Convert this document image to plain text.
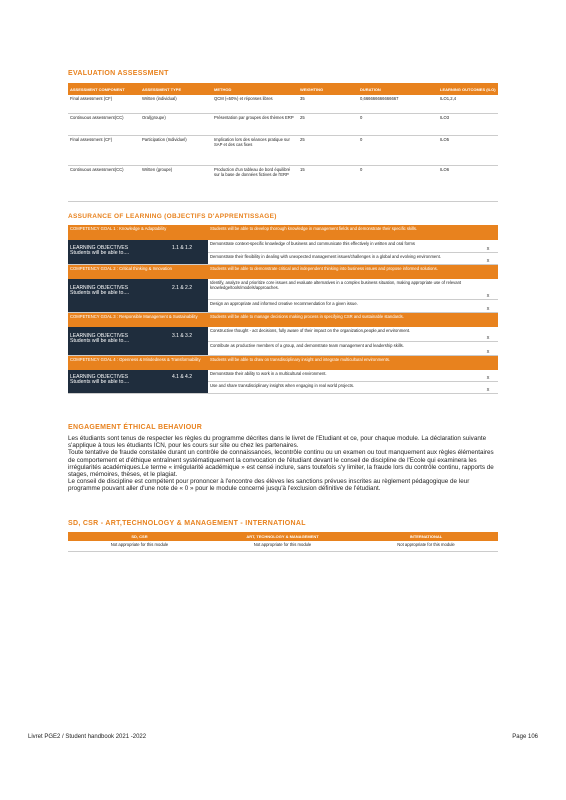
EVALUATION ASSESSMENT
ASSESSMENT COMPONENT	ASSESSMENT TYPE	METHOD	WEIGHTING	DURATION	LEARNING OUTCOMES (ILO)
Final assessment (CF)	Written (individual)	QCM (≈50%) et réponses libres	35	0,666666666666667	ILO1,2,4
Continuous assessment(CC)	Oral(groupe)	Présentation par groupes des thèmes ERP	25	0	ILO3
Final assessment (CF)	Participation (Individuel)	Implication lors des séances pratique sur SAP et des cas fixes	25	0	ILO5
Continuous assessment(CC)	Written (groupe)	Production d'un tableau de bord équilibré sur la base de données fictives de l'ERP	15	0	ILO6
ASSURANCE OF LEARNING (OBJECTIFS D'APPRENTISSAGE)
COMPETENCY GOAL 1 : Knowledge & Adaptability	Students will be able to develop thorough knowledge in management fields and demonstrate their specific skills.	

LEARNING OBJECTIVES 1.1 & 1.2
Students will be able to....	Demonstrate context-specific knowledge of business and communicate this effectively in written and oral forms	X
	Demonstrate their flexibility in dealing with unexpected management issues/challenges in a global and evolving environment.	X
COMPETENCY GOAL 2 : Critical thinking & Innovation	Students will be able to demonstrate critical and independent thinking into business issues and propose informed solutions.	

LEARNING OBJECTIVES 2.1 & 2.2
Students will be able to....	Identify, analyze and prioritize core issues and evaluate alternatives in a complex business situation, making appropriate use of relevant knowledge/tools/models/approaches.	X
	Design an appropriate and informed creative recommendation for a given issue.	X
COMPETENCY GOAL 3 : Responsible Management & Sustainability	Students will be able to manage decisions making process in specifying CSR and sustainable standards.	

LEARNING OBJECTIVES 3.1 & 3.2
Students will be able to....	Constructive thought - act decisions, fully aware of their impact on the organization,people,and environment.	X
	Contribute as productive members of a group, and demonstrate team management and leadership skills.	X
COMPETENCY GOAL 4 : Openness & Mindedness & Transformability	Students will be able to draw on transdisciplinary insight and integrate multicultural environments.	

LEARNING OBJECTIVES 4.1 & 4.2
Students will be able to....	Demonstrate their ability to work in a multicultural environment.	X
	Use and share transdisciplinary insights when engaging in real world projects.	X
ENGAGEMENT ÉTHICAL BEHAVIOUR
Les étudiants sont tenus de respecter les règles du programme décrites dans le livret de l'Etudiant et ce, pour chaque module. La déclaration suivante s'applique à tous les étudiants ICN, pour les cours sur site ou chez les partenaires.
Toute tentative de fraude constatée durant un contrôle de connaissances, lecontrôle continu ou un examen ou tout manquement aux règles élémentaires de comportement et d'éthique entraînent systématiquement la convocation de l'étudiant devant le conseil de discipline de l'Ecole qui examinera les irrégularités académiques.Le terme « irrégularité académique » est censé inclure, sans toutefois s'y limiter, la fraude lors du contrôle continu, rapports de stages, mémoires, thèses, et le plagiat.
Le conseil de discipline est compétent pour prononcer à l'encontre des élèves les sanctions prévues inscrites au règlement pédagogique de leur programme pouvant aller d'une note de « 0 » pour le module concerné jusqu'à l'exclusion définitive de l'étudiant.
SD, CSR - ART,TECHNOLOGY & MANAGEMENT - INTERNATIONAL
SD, CSR	ART, TECHNOLOGY & MANAGEMENT	INTERNATIONAL
Not appropriate for this module	Not appropriate for this module	Not appropriate for this module
Livret PGE2 / Student handbook 2021 -2022	Page 106
